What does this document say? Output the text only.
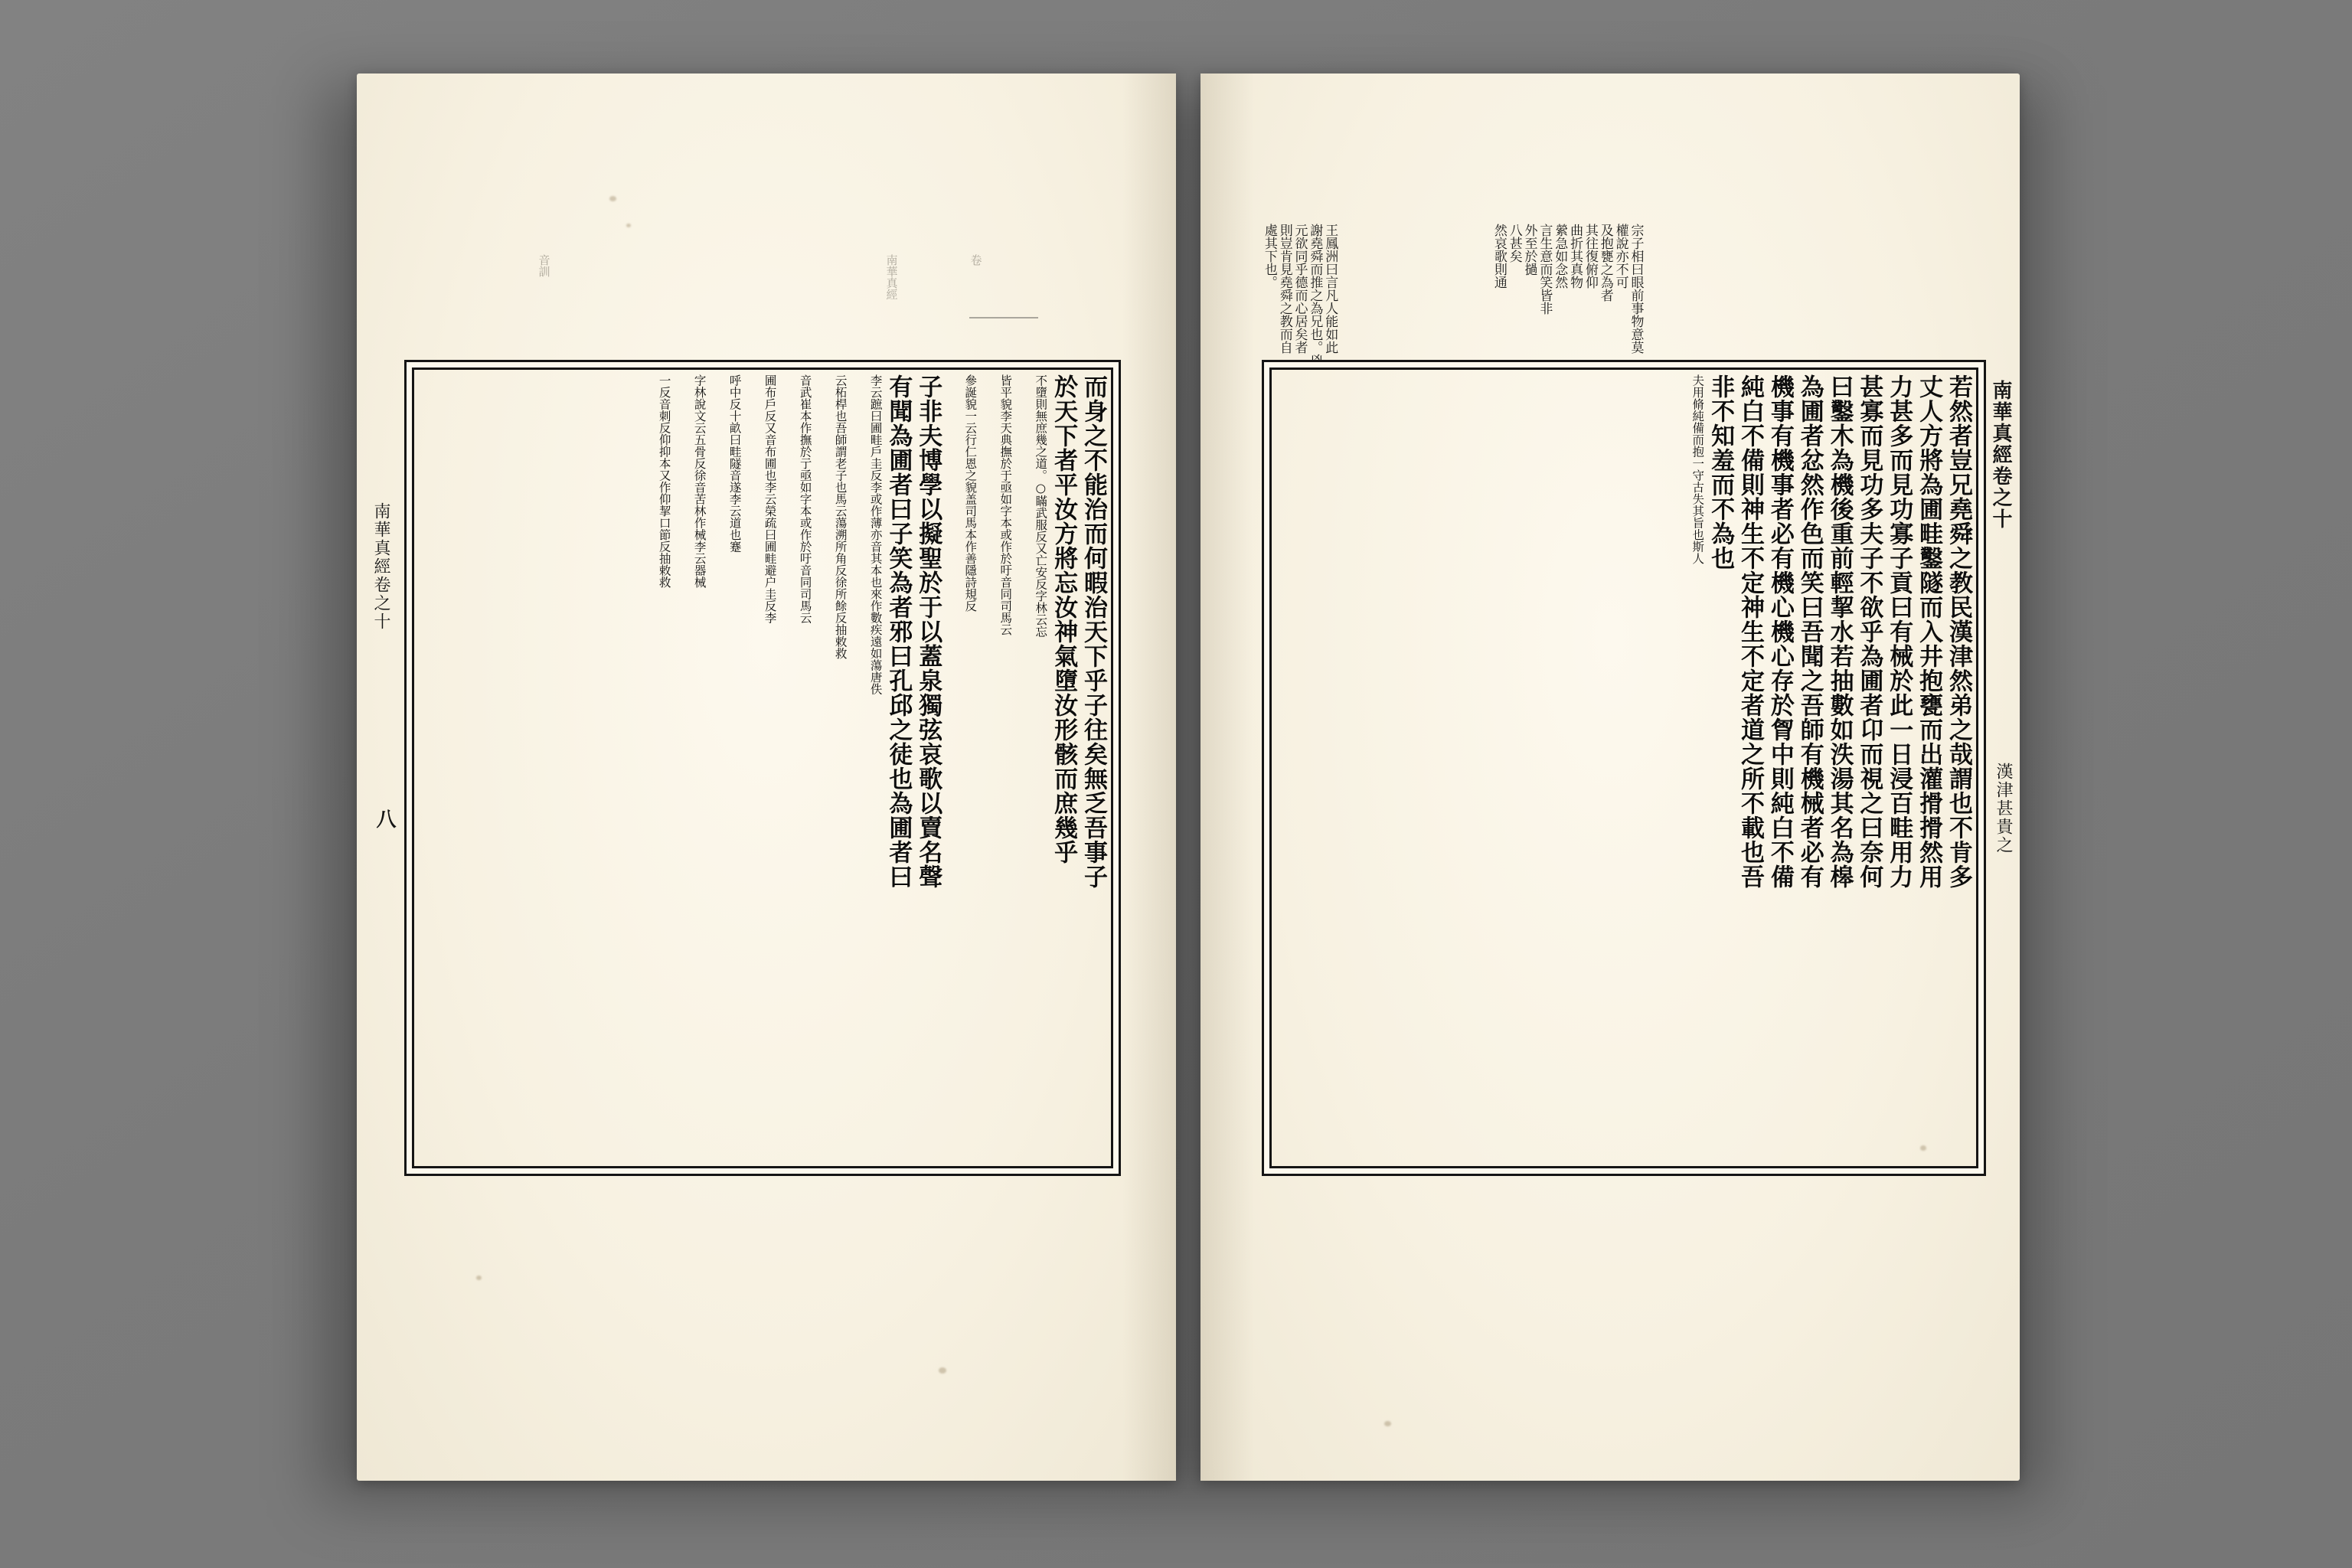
音訓	南華真經	卷
而身之不能治而何暇治天下乎子往矣無乏吾事子
於天下者平汝方將忘汝神氣墮汝形骸而庶幾乎
不墮則無庶幾之道。○瞞武服反又亡安反字林云忘
皆平貌李天典撫於于亟如字本或作於吁音同司馬云
參誕貌一云行仁恩之貌盖司馬本作善隱詩規反
子非夫博學以擬聖於于以蓋泉獨弦哀歌以賣名聲
有聞為圃者曰子笑為者邪曰孔邱之徒也為圃者曰
李云蹠曰圃畦戶圭反李或作薄亦音其本也來作數疾遠如蕩唐佚
云柘桿也吾師謂老子也馬云蕩溯所角反徐所餘反抽敕救
音武崔本作撫於亍亟如字本或作於吁音同司馬云
圃布戶反又音布圃也李云榮疏曰圃畦避户圭反李
呼中反十畝曰畦隧音遂李云道也蹇
字林說文云五骨反徐音苦林作械李云器械
一反音刺反仰抑本又作仰挈口節反抽敕救
南華真經卷之十
八
王鳳洲曰言凡人能如此
謝堯舜而推之為兄也。兇
元欲同乎德而心居矣者
則豈肯見堯舜之教而自
處其下也。	宗子相曰眼前事物意莫
權說亦不可
及抱甕之為者
其往復俯仰
曲折其真物
縈急如念然
言生意而笑皆非
外至於撾
八甚矣
然哀歌則通
若然者豈兄堯舜之教民漢津然弟之哉謂也不肯多
丈人方將為圃畦鑿隧而入井抱甕而出灌搰搰然用
力甚多而見功寡子貢曰有械於此一日浸百畦用力
甚寡而見功多夫子不欲乎為圃者卬而視之曰奈何
曰鑿木為機後重前輕挈水若抽數如泆湯其名為槔
為圃者忿然作色而笑曰吾聞之吾師有機械者必有
機事有機事者必有機心機心存於胷中則純白不備
純白不備則神生不定神生不定者道之所不載也吾
非不知羞而不為也
夫用脩純備而抱一守古失其旨也斯人	南華真經卷之十
漢津甚貴之
